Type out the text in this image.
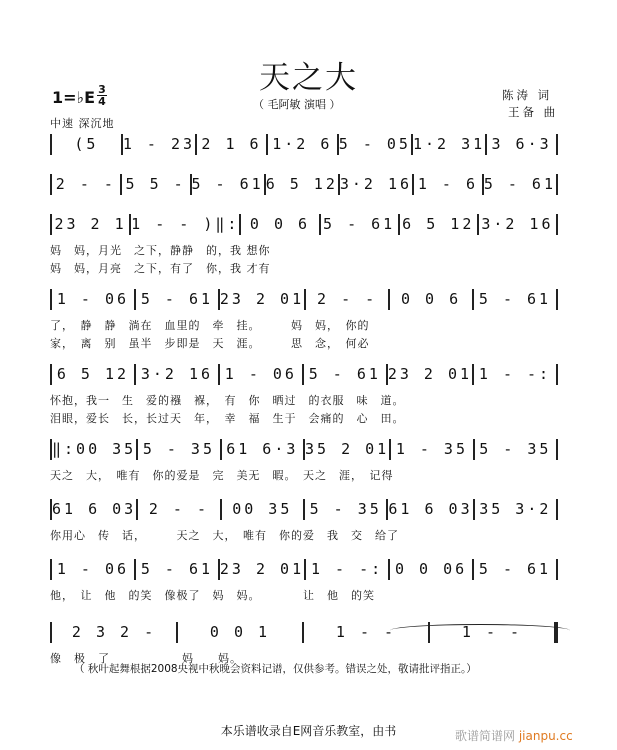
天之大
（ 毛阿敏 演唱 ）
陈涛 词
王备 曲
1=♭E 3
4
中速 深沉地
(5	1 - 23 2 1 6 1·2 6 5 - 05 1·2 31 3 6·3
2 - - 5 5 - 5 - 61 6 5 12 3·2 16 1 - 6 5 - 61
23 2 1 1 - - )‖: 0 0 6 5 - 61 6 5 12 3·2 16
妈　妈，月光　之下，静静　的，我 想你
妈　妈，月亮　之下，有了　你，我 才有
1 - 06 5 - 61 23 2 01 2 - -	0 0 6	5 - 61
了，　静　静　淌在　血里的　牵　挂。　　　妈　妈，　你的
家，　离　别　虽半　步即是　天　涯。　　　思　念，　何必
6 5 12 3·2 16 1 - 06 5 - 61 23 2 01 1 - -:
怀抱，我一　生　爱的襁　褓，　有　你　晒过　的衣服　味　道。
泪眼，爱长　长，长过天　年，　幸　福　生于　会痛的　心　田。
‖:00 35 5 - 35 61 6·3 35 2 01 1 - 35 5 - 35
天之　大，　唯有　你的爱是　完　美无　暇。　天之　涯，　记得
61 6 03 2 - -	00 35	5 - 35 61 6 03 35 3·2
你用心　传　话，　　　天之　大，　唯有　你的爱　我　交　给了
1 - 06 5 - 61 23 2 01 1 - -: 0 0 06 5 - 61
他，　让　他　的笑　像极了　妈　妈。　　　　让　他　的笑
2 3 2 -	0 0 1	1 - -	1 - -
像　极　了　　　　　　妈　　妈。
（ 秋叶起舞根据2008央视中秋晚会资料记谱，仅供参考。错误之处，敬请批评指正。）
本乐谱收录自E网音乐教室，由书	歌谱简谱网 jianpu.cc
